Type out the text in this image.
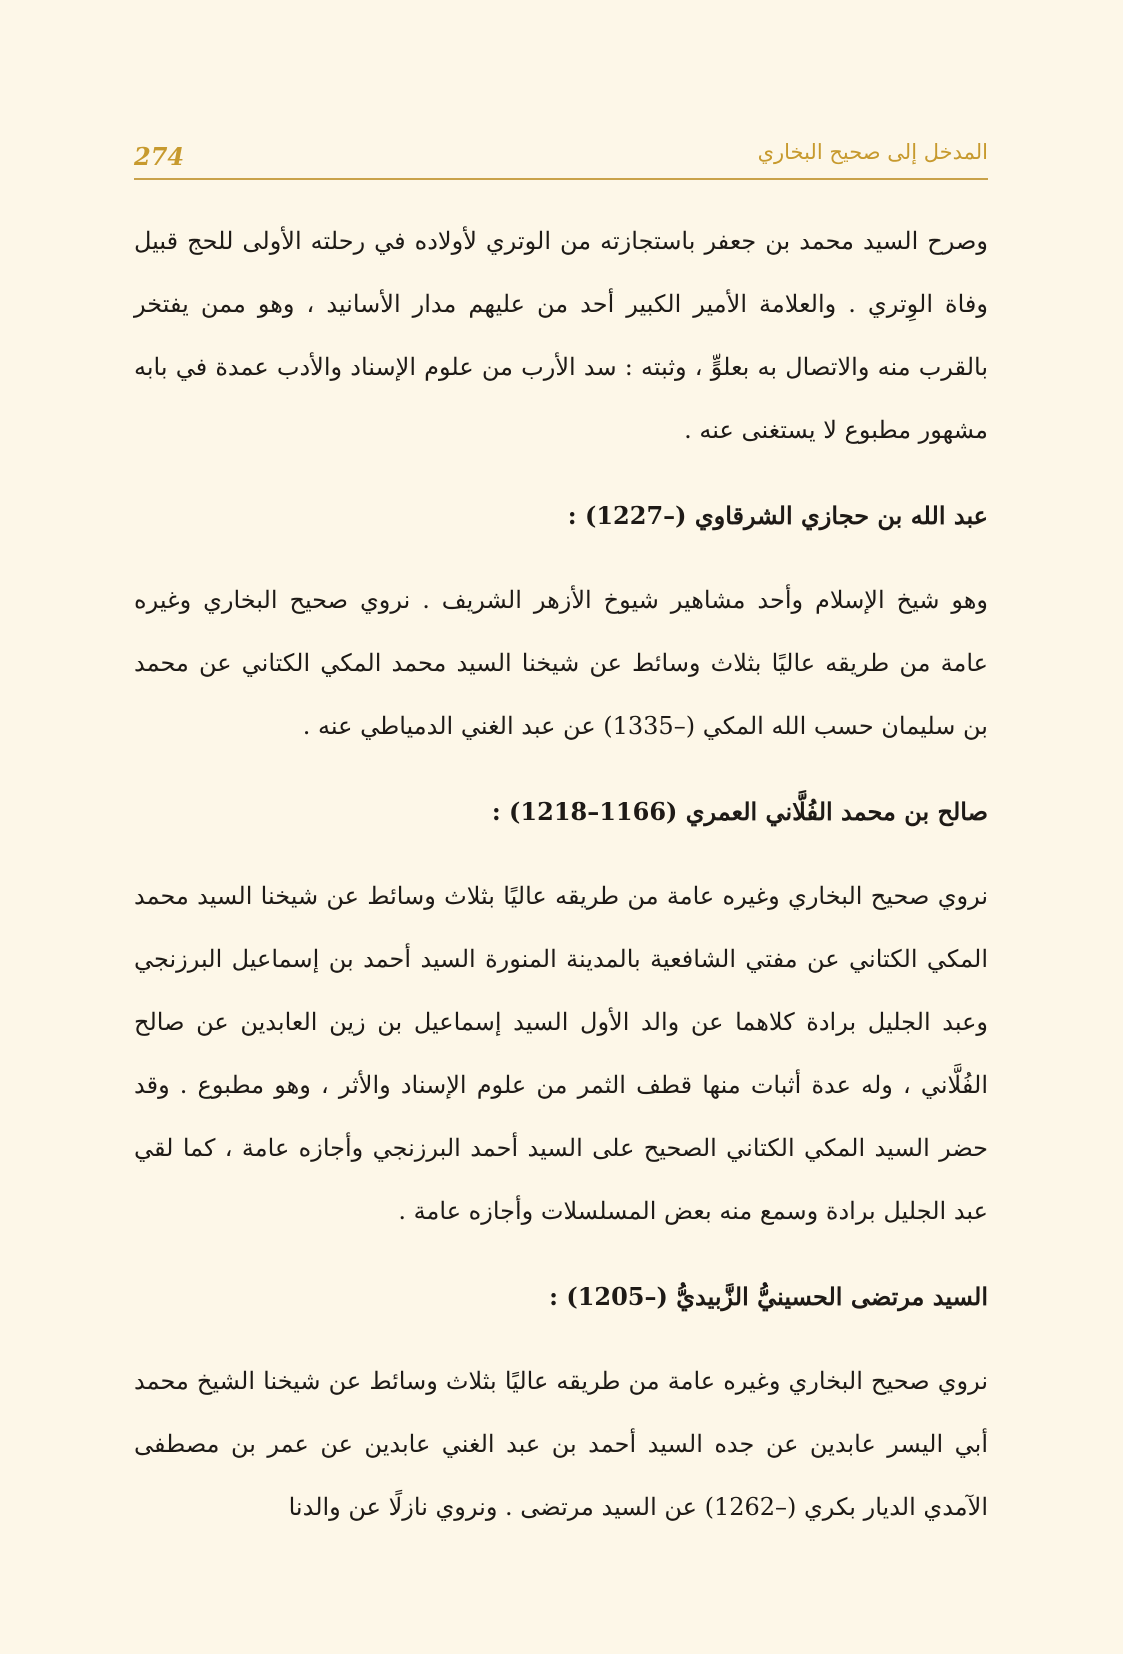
274	المدخل إلى صحيح البخاري

وصرح السيد محمد بن جعفر باستجازته من الوتري لأولاده في رحلته الأولى للحج قبيل وفاة الوِتري . والعلامة الأمير الكبير أحد من عليهم مدار الأسانيد ، وهو ممن يفتخر بالقرب منه والاتصال به بعلوٍّ ، وثبته : سد الأرب من علوم الإسناد والأدب عمدة في بابه مشهور مطبوع لا يستغنى عنه .

عبد الله بن حجازي الشرقاوي (–1227) :

وهو شيخ الإسلام وأحد مشاهير شيوخ الأزهر الشريف . نروي صحيح البخاري وغيره عامة من طريقه عاليًا بثلاث وسائط عن شيخنا السيد محمد المكي الكتاني عن محمد بن سليمان حسب الله المكي (–1335) عن عبد الغني الدمياطي عنه .

صالح بن محمد الفُلَّاني العمري (1166–1218) :

نروي صحيح البخاري وغيره عامة من طريقه عاليًا بثلاث وسائط عن شيخنا السيد محمد المكي الكتاني عن مفتي الشافعية بالمدينة المنورة السيد أحمد بن إسماعيل البرزنجي وعبد الجليل برادة كلاهما عن والد الأول السيد إسماعيل بن زين العابدين عن صالح الفُلَّاني ، وله عدة أثبات منها قطف الثمر من علوم الإسناد والأثر ، وهو مطبوع . وقد حضر السيد المكي الكتاني الصحيح على السيد أحمد البرزنجي وأجازه عامة ، كما لقي عبد الجليل برادة وسمع منه بعض المسلسلات وأجازه عامة .

السيد مرتضى الحسينيُّ الزَّبيديُّ (–1205) :

نروي صحيح البخاري وغيره عامة من طريقه عاليًا بثلاث وسائط عن شيخنا الشيخ محمد أبي اليسر عابدين عن جده السيد أحمد بن عبد الغني عابدين عن عمر بن مصطفى الآمدي الديار بكري (–1262) عن السيد مرتضى . ونروي نازلًا عن والدنا
